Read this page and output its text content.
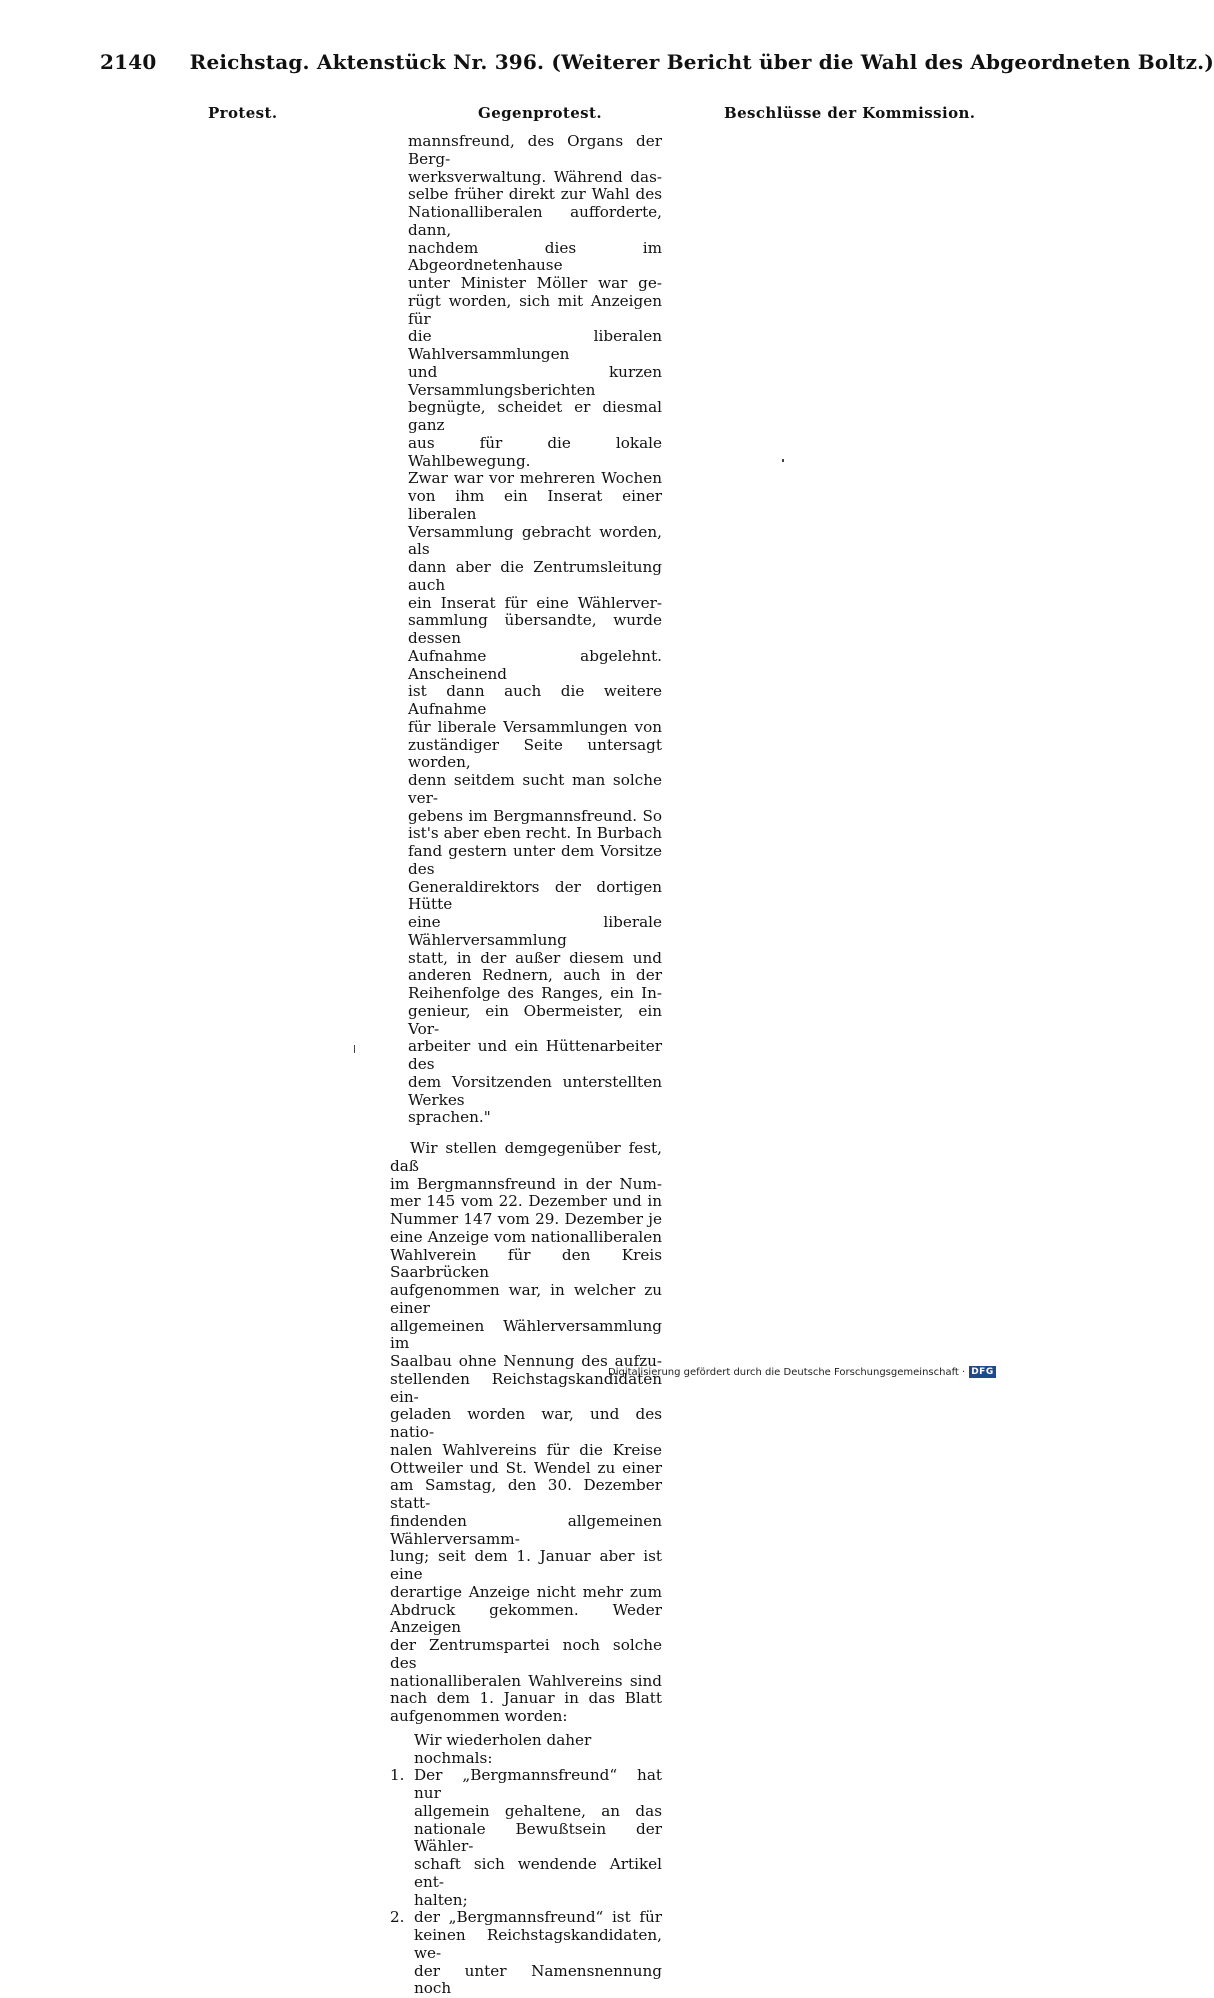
2140 Reichstag. Aktenstück Nr. 396. (Weiterer Bericht über die Wahl des Abgeordneten Boltz.)
Protest.	Gegenprotest.	Beschlüsse der Kommission.
mannsfreund, des Organs der Berg-
werksverwaltung. Während das-
selbe früher direkt zur Wahl des
Nationalliberalen aufforderte, dann,
nachdem dies im Abgeordnetenhause
unter Minister Möller war ge-
rügt worden, sich mit Anzeigen für
die liberalen Wahlversammlungen
und kurzen Versammlungsberichten
begnügte, scheidet er diesmal ganz
aus für die lokale Wahlbewegung.
Zwar war vor mehreren Wochen
von ihm ein Inserat einer liberalen
Versammlung gebracht worden, als
dann aber die Zentrumsleitung auch
ein Inserat für eine Wählerver-
sammlung übersandte, wurde dessen
Aufnahme abgelehnt. Anscheinend
ist dann auch die weitere Aufnahme
für liberale Versammlungen von
zuständiger Seite untersagt worden,
denn seitdem sucht man solche ver-
gebens im Bergmannsfreund. So
ist's aber eben recht. In Burbach
fand gestern unter dem Vorsitze des
Generaldirektors der dortigen Hütte
eine liberale Wählerversammlung
statt, in der außer diesem und
anderen Rednern, auch in der
Reihenfolge des Ranges, ein In-
genieur, ein Obermeister, ein Vor-
arbeiter und ein Hüttenarbeiter des
dem Vorsitzenden unterstellten Werkes
sprachen."
Wir stellen demgegenüber fest, daß
im Bergmannsfreund in der Num-
mer 145 vom 22. Dezember und in
Nummer 147 vom 29. Dezember je
eine Anzeige vom nationalliberalen
Wahlverein für den Kreis Saarbrücken
aufgenommen war, in welcher zu einer
allgemeinen Wählerversammlung im
Saalbau ohne Nennung des aufzu-
stellenden Reichstagskandidaten ein-
geladen worden war, und des natio-
nalen Wahlvereins für die Kreise
Ottweiler und St. Wendel zu einer
am Samstag, den 30. Dezember statt-
findenden allgemeinen Wählerversamm-
lung; seit dem 1. Januar aber ist eine
derartige Anzeige nicht mehr zum
Abdruck gekommen. Weder Anzeigen
der Zentrumspartei noch solche des
nationalliberalen Wahlvereins sind
nach dem 1. Januar in das Blatt
aufgenommen worden:
Wir wiederholen daher nochmals:
1. Der „Bergmannsfreund“ hat nur
allgemein gehaltene, an das
nationale Bewußtsein der Wähler-
schaft sich wendende Artikel ent-
halten;
2. der „Bergmannsfreund“ ist für
keinen Reichstagskandidaten, we-
der unter Namensnennung noch
Digitalisierung gefördert durch die Deutsche Forschungsgemeinschaft · DFG
